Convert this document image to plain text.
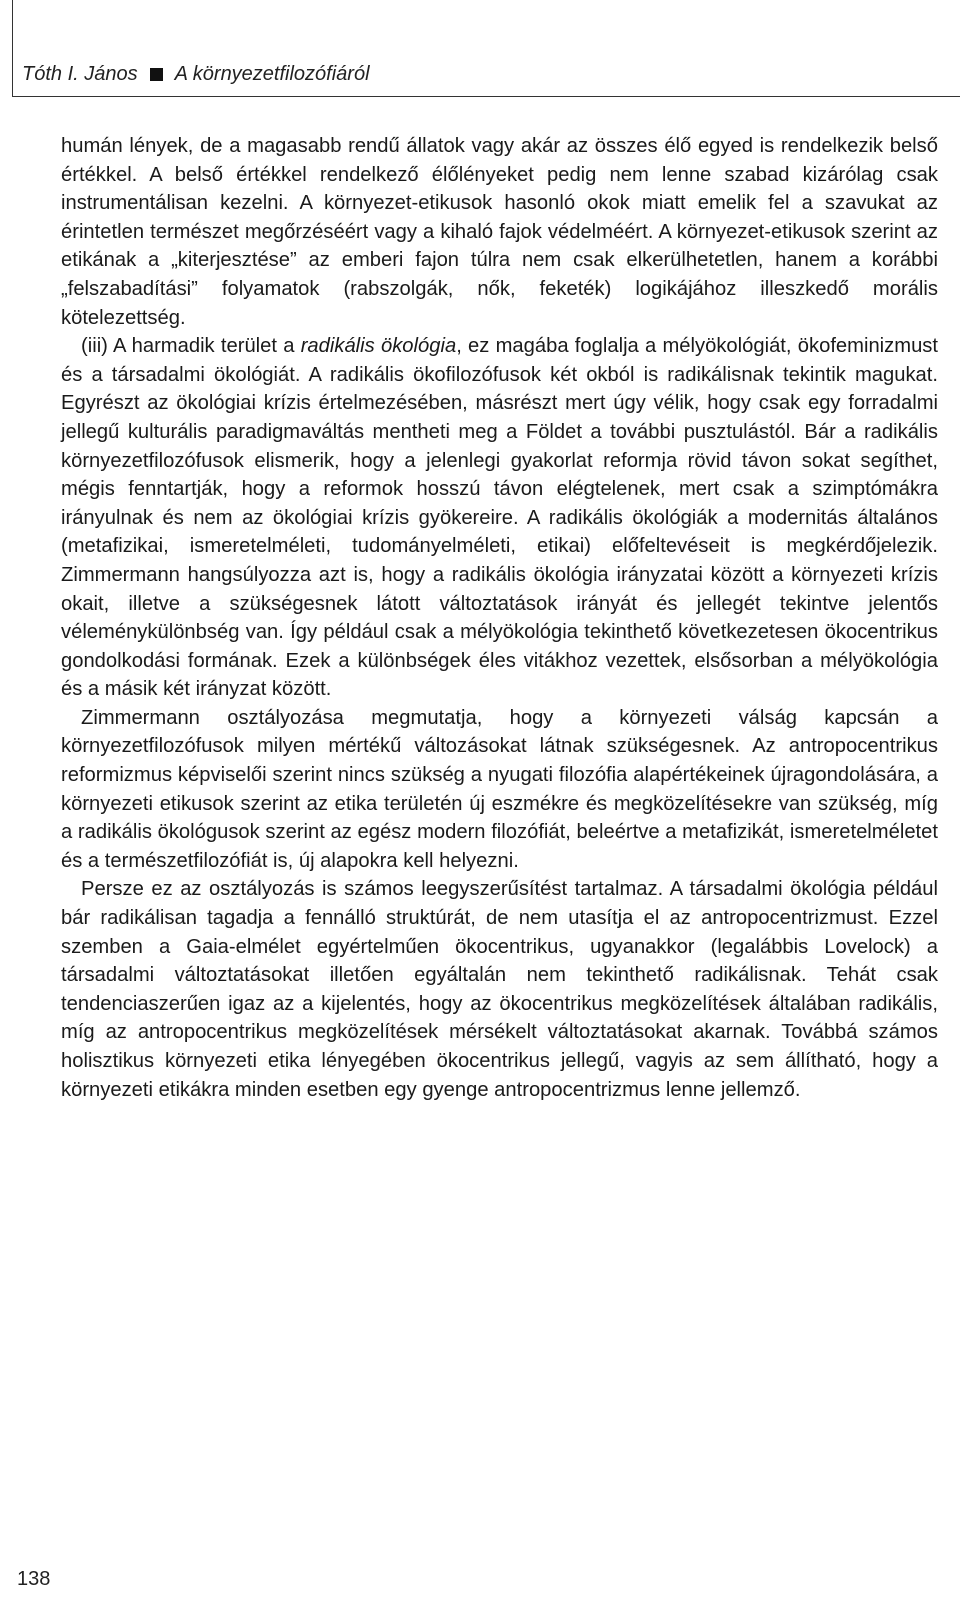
Tóth I. János A környezetfilozófiáról

humán lények, de a magasabb rendű állatok vagy akár az összes élő egyed is rendelkezik belső értékkel. A belső értékkel rendelkező élőlényeket pedig nem lenne szabad kizárólag csak instrumentálisan kezelni. A környezet-etikusok hasonló okok miatt emelik fel a szavukat az érintetlen természet megőrzéséért vagy a kihaló fajok védelméért. A környezet-etikusok szerint az etikának a „kiterjesztése” az emberi fajon túlra nem csak elkerülhetetlen, hanem a korábbi „felszabadítási” folyamatok (rabszolgák, nők, feketék) logikájához illeszkedő morális kötelezettség.

(iii) A harmadik terület a radikális ökológia, ez magába foglalja a mélyökológiát, ökofeminizmust és a társadalmi ökológiát. A radikális ökofilozófusok két okból is radikálisnak tekintik magukat. Egyrészt az ökológiai krízis értelmezésében, másrészt mert úgy vélik, hogy csak egy forradalmi jellegű kulturális paradigmaváltás mentheti meg a Földet a további pusztulástól. Bár a radikális környezetfilozófusok elismerik, hogy a jelenlegi gyakorlat reformja rövid távon sokat segíthet, mégis fenntartják, hogy a reformok hosszú távon elégtelenek, mert csak a szimptómákra irányulnak és nem az ökológiai krízis gyökereire. A radikális ökológiák a modernitás általános (metafizikai, ismeretelméleti, tudományelméleti, etikai) előfeltevéseit is megkérdőjelezik. Zimmermann hangsúlyozza azt is, hogy a radikális ökológia irányzatai között a környezeti krízis okait, illetve a szükségesnek látott változtatások irányát és jellegét tekintve jelentős véleménykülönbség van. Így például csak a mélyökológia tekinthető következetesen ökocentrikus gondolkodási formának. Ezek a különbségek éles vitákhoz vezettek, elsősorban a mélyökológia és a másik két irányzat között.

Zimmermann osztályozása megmutatja, hogy a környezeti válság kapcsán a környezetfilozófusok milyen mértékű változásokat látnak szükségesnek. Az antropocentrikus reformizmus képviselői szerint nincs szükség a nyugati filozófia alapértékeinek újragondolására, a környezeti etikusok szerint az etika területén új eszmékre és megközelítésekre van szükség, míg a radikális ökológusok szerint az egész modern filozófiát, beleértve a metafizikát, ismeretelméletet és a természetfilozófiát is, új alapokra kell helyezni.

Persze ez az osztályozás is számos leegyszerűsítést tartalmaz. A társadalmi ökológia például bár radikálisan tagadja a fennálló struktúrát, de nem utasítja el az antropocentrizmust. Ezzel szemben a Gaia-elmélet egyértelműen ökocentrikus, ugyanakkor (legalábbis Lovelock) a társadalmi változtatásokat illetően egyáltalán nem tekinthető radikálisnak. Tehát csak tendenciaszerűen igaz az a kijelentés, hogy az ökocentrikus megközelítések általában radikális, míg az antropocentrikus megközelítések mérsékelt változtatásokat akarnak. Továbbá számos holisztikus környezeti etika lényegében ökocentrikus jellegű, vagyis az sem állítható, hogy a környezeti etikákra minden esetben egy gyenge antropocentrizmus lenne jellemző.

138
